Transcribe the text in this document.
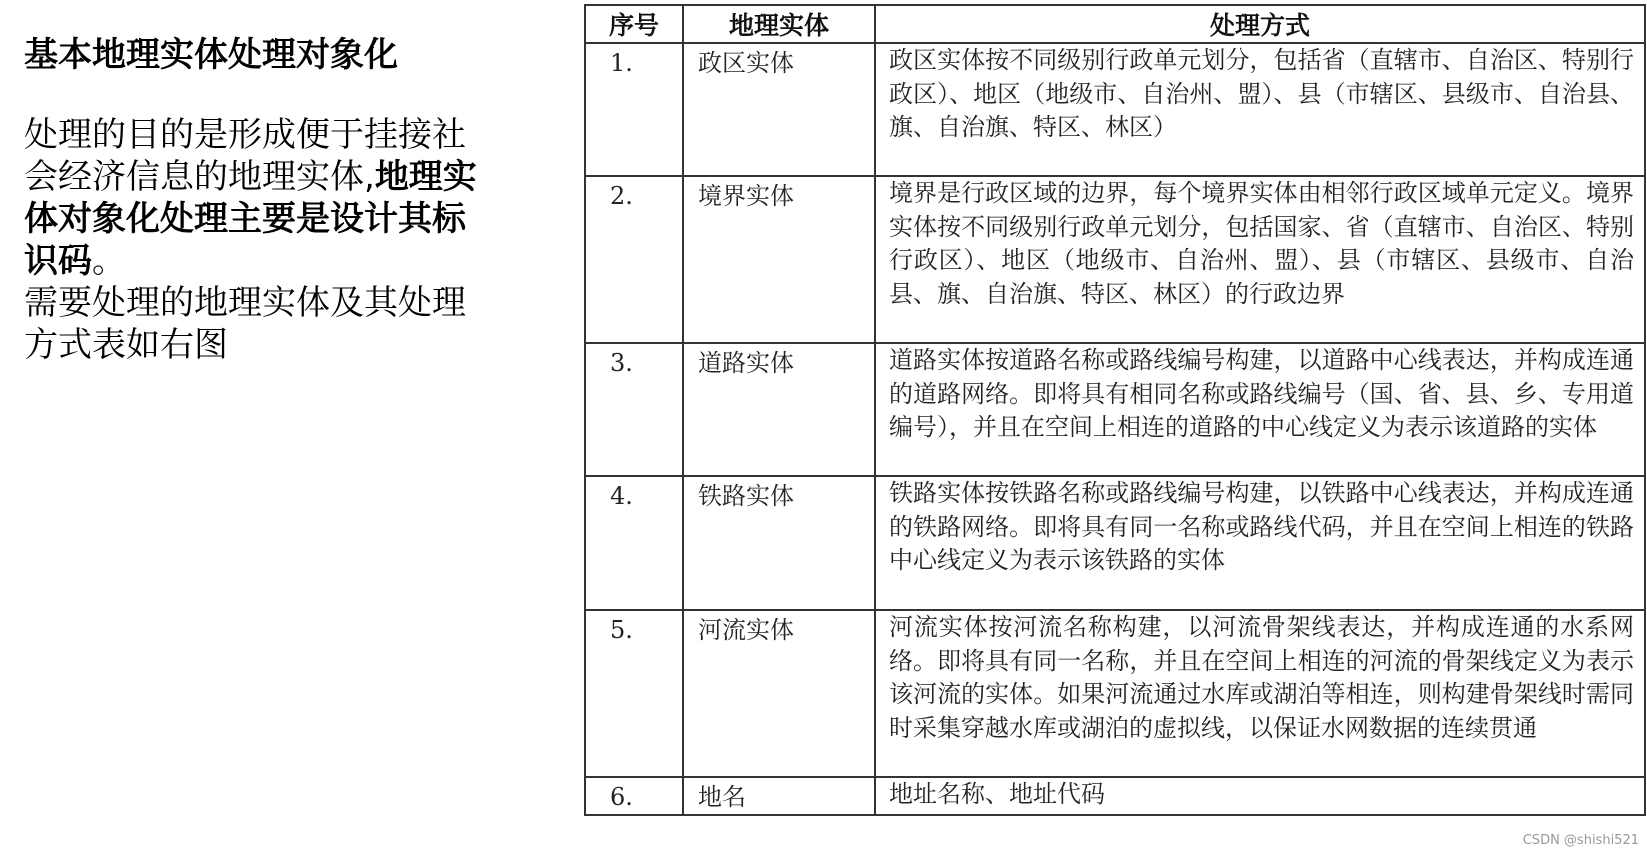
基本地理实体处理对象化

处理的目的是形成便于挂接社会经济信息的地理实体,地理实体对象化处理主要是设计其标识码。

需要处理的地理实体及其处理方式表如右图

序号	地理实体	处理方式
1.	政区实体	政区实体按不同级别行政单元划分，包括省（直辖市、自治区、特别行政区）、地区（地级市、自治州、盟）、县（市辖区、县级市、自治县、旗、自治旗、特区、林区）
2.	境界实体	境界是行政区域的边界，每个境界实体由相邻行政区域单元定义。境界实体按不同级别行政单元划分，包括国家、省（直辖市、自治区、特别行政区）、地区（地级市、自治州、盟）、县（市辖区、县级市、自治县、旗、自治旗、特区、林区）的行政边界
3.	道路实体	道路实体按道路名称或路线编号构建，以道路中心线表达，并构成连通的道路网络。即将具有相同名称或路线编号（国、省、县、乡、专用道编号），并且在空间上相连的道路的中心线定义为表示该道路的实体
4.	铁路实体	铁路实体按铁路名称或路线编号构建，以铁路中心线表达，并构成连通的铁路网络。即将具有同一名称或路线代码，并且在空间上相连的铁路中心线定义为表示该铁路的实体
5.	河流实体	河流实体按河流名称构建，以河流骨架线表达，并构成连通的水系网络。即将具有同一名称，并且在空间上相连的河流的骨架线定义为表示该河流的实体。如果河流通过水库或湖泊等相连，则构建骨架线时需同时采集穿越水库或湖泊的虚拟线，以保证水网数据的连续贯通
6.	地名	地址名称、地址代码
CSDN @shishi521
